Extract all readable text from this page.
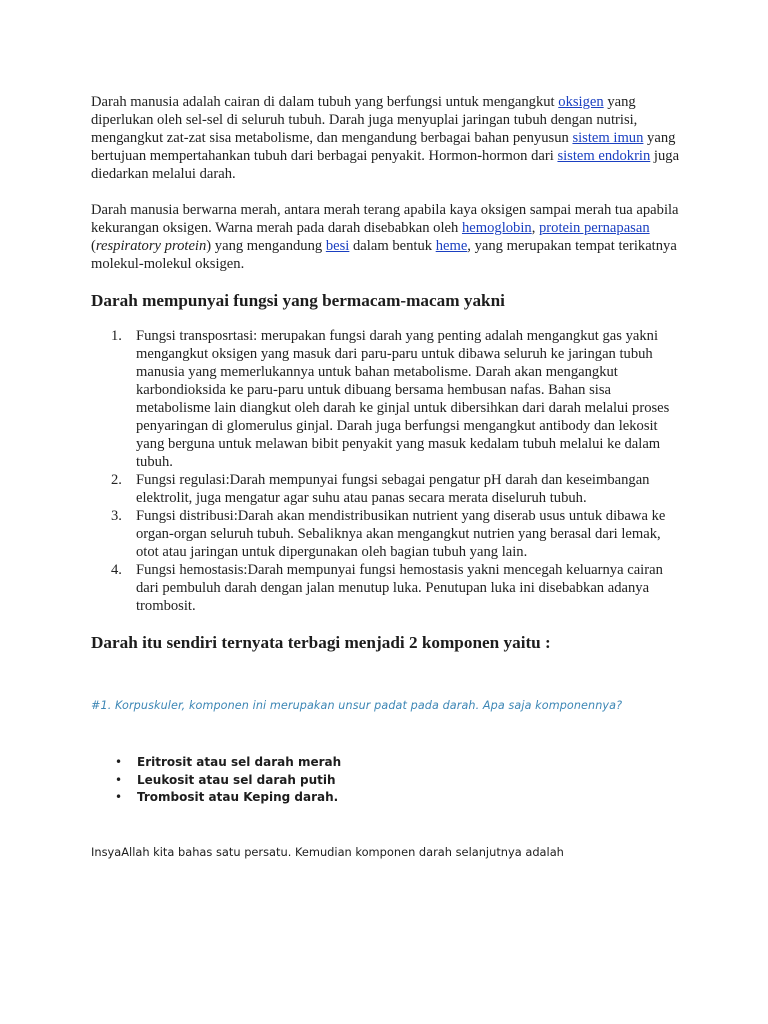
Darah manusia adalah cairan di dalam tubuh yang berfungsi untuk mengangkut oksigen yang diperlukan oleh sel-sel di seluruh tubuh. Darah juga menyuplai jaringan tubuh dengan nutrisi, mengangkut zat-zat sisa metabolisme, dan mengandung berbagai bahan penyusun sistem imun yang bertujuan mempertahankan tubuh dari berbagai penyakit. Hormon-hormon dari sistem endokrin juga diedarkan melalui darah.

Darah manusia berwarna merah, antara merah terang apabila kaya oksigen sampai merah tua apabila kekurangan oksigen. Warna merah pada darah disebabkan oleh hemoglobin, protein pernapasan (respiratory protein) yang mengandung besi dalam bentuk heme, yang merupakan tempat terikatnya molekul-molekul oksigen.

Darah mempunyai fungsi yang bermacam-macam yakni
1. Fungsi transposrtasi: merupakan fungsi darah yang penting adalah mengangkut gas yakni mengangkut oksigen yang masuk dari paru-paru untuk dibawa seluruh ke jaringan tubuh manusia yang memerlukannya untuk bahan metabolisme. Darah akan mengangkut karbondioksida ke paru-paru untuk dibuang bersama hembusan nafas. Bahan sisa metabolisme lain diangkut oleh darah ke ginjal untuk dibersihkan dari darah melalui proses penyaringan di glomerulus ginjal. Darah juga berfungsi mengangkut antibody dan lekosit yang berguna untuk melawan bibit penyakit yang masuk kedalam tubuh melalui ke dalam tubuh.
2. Fungsi regulasi:Darah mempunyai fungsi sebagai pengatur pH darah dan keseimbangan elektrolit, juga mengatur agar suhu atau panas secara merata diseluruh tubuh.
3. Fungsi distribusi:Darah akan mendistribusikan nutrient yang diserab usus untuk dibawa ke organ-organ seluruh tubuh. Sebaliknya akan mengangkut nutrien yang berasal dari lemak, otot atau jaringan untuk dipergunakan oleh bagian tubuh yang lain.
4. Fungsi hemostasis:Darah mempunyai fungsi hemostasis yakni mencegah keluarnya cairan dari pembuluh darah dengan jalan menutup luka. Penutupan luka ini disebabkan adanya trombosit.
Darah itu sendiri ternyata terbagi menjadi 2 komponen yaitu :

#1. Korpuskuler, komponen ini merupakan unsur padat pada darah. Apa saja komponennya?

• Eritrosit atau sel darah merah
• Leukosit atau sel darah putih
• Trombosit atau Keping darah.

InsyaAllah kita bahas satu persatu. Kemudian komponen darah selanjutnya adalah
